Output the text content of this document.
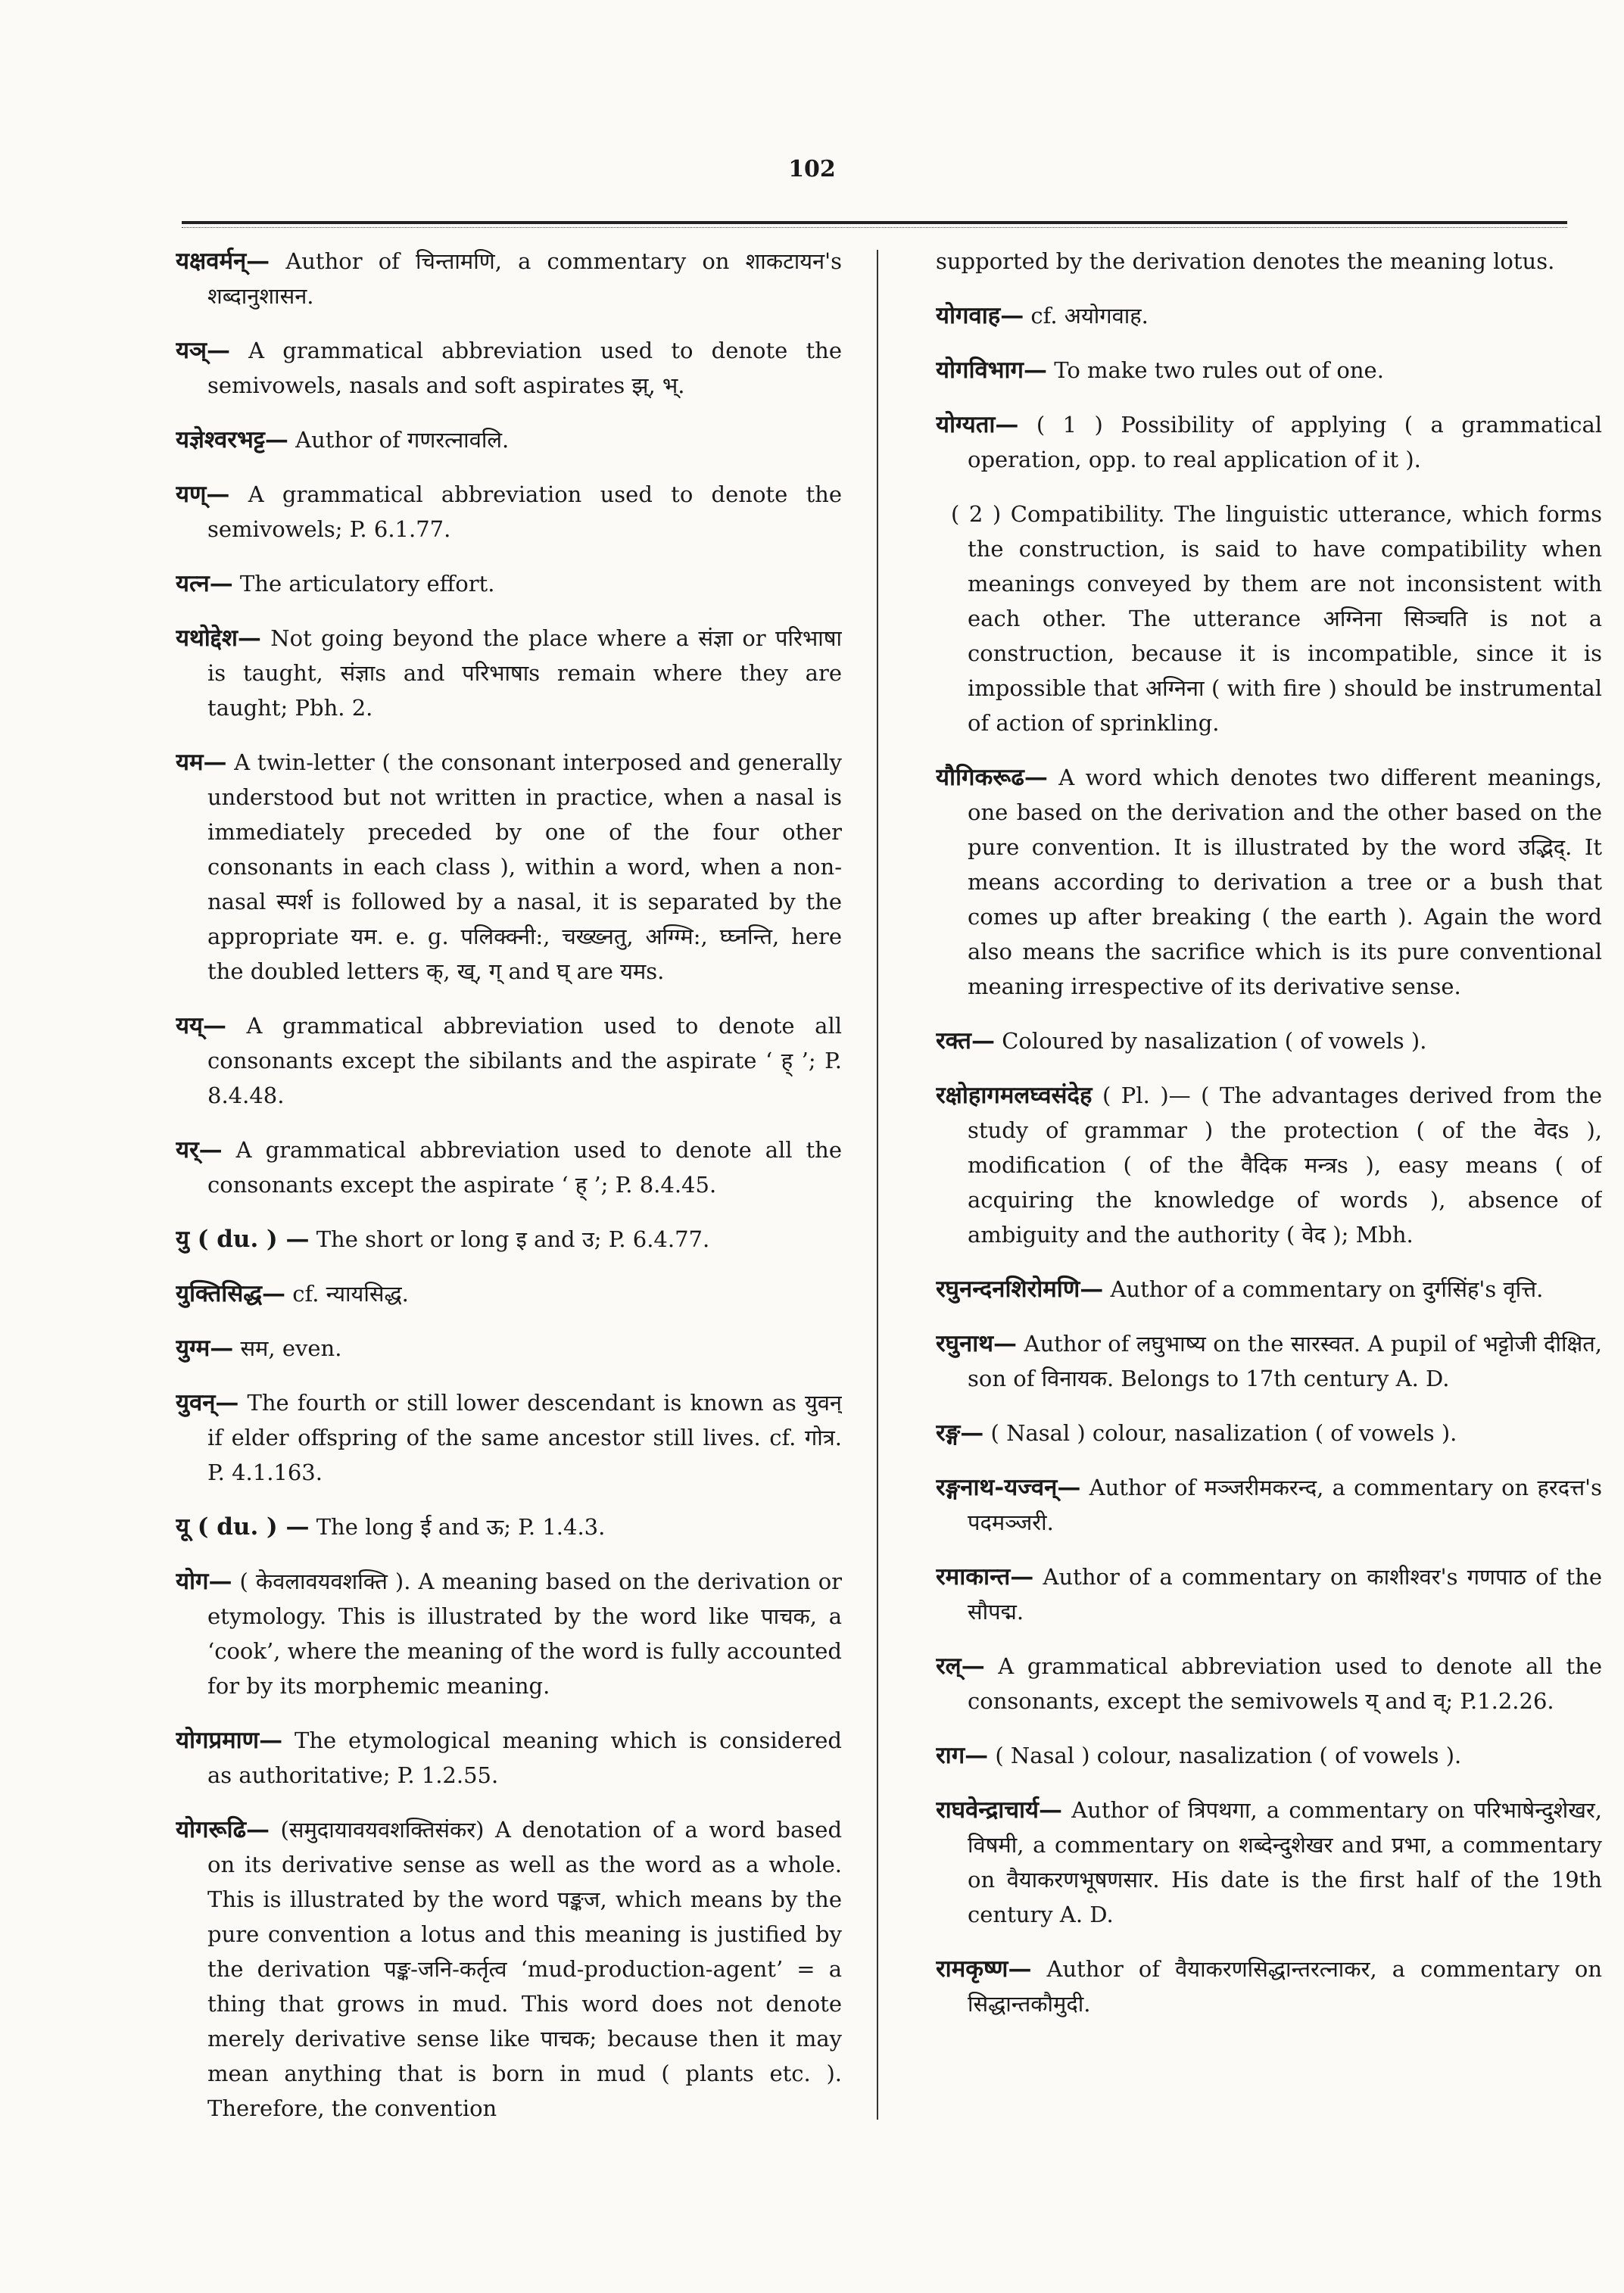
102

यक्षवर्मन्— Author of चिन्तामणि, a commentary on शाकटायन's शब्दानुशासन.

यञ्— A grammatical abbreviation used to denote the semivowels, nasals and soft aspirates झ्, भ्.

यज्ञेश्वरभट्ट— Author of गणरत्नावलि.

यण्— A grammatical abbreviation used to denote the semivowels; P. 6.1.77.

यत्न— The articulatory effort.

यथोद्देश— Not going beyond the place where a संज्ञा or परिभाषा is taught, संज्ञाs and परिभाषाs remain where they are taught; Pbh. 2.

यम— A twin-letter ( the consonant interposed and generally understood but not written in practice, when a nasal is immediately preceded by one of the four other consonants in each class ), within a word, when a non-nasal स्पर्श is followed by a nasal, it is separated by the appropriate यम. e. g. पलिक्क्नी:, चख्ख्नतु, अग्ग्मि:, घ्घ्नन्ति, here the doubled letters क्, ख्, ग् and घ् are यमs.

यय्— A grammatical abbreviation used to denote all consonants except the sibilants and the aspirate ‘ ह् ’; P. 8.4.48.

यर्— A grammatical abbreviation used to denote all the consonants except the aspirate ‘ ह् ’; P. 8.4.45.

यु ( du. ) — The short or long इ and उ; P. 6.4.77.

युक्तिसिद्ध— cf. न्यायसिद्ध.

युग्म— सम, even.

युवन्— The fourth or still lower descendant is known as युवन् if elder offspring of the same ancestor still lives. cf. गोत्र. P. 4.1.163.

यू ( du. ) — The long ई and ऊ; P. 1.4.3.

योग— ( केवलावयवशक्ति ). A meaning based on the derivation or etymology. This is illustrated by the word like पाचक, a ‘cook’, where the meaning of the word is fully accounted for by its morphemic meaning.

योगप्रमाण— The etymological meaning which is considered as authoritative; P. 1.2.55.

योगरूढि— (समुदायावयवशक्तिसंकर) A denotation of a word based on its derivative sense as well as the word as a whole. This is illustrated by the word पङ्कज, which means by the pure convention a lotus and this meaning is justified by the derivation पङ्क-जनि-कर्तृत्व ‘mud-production-agent’ = a thing that grows in mud. This word does not denote merely derivative sense like पाचक; because then it may mean anything that is born in mud ( plants etc. ). Therefore, the convention

supported by the derivation denotes the meaning lotus.

योगवाह— cf. अयोगवाह.

योगविभाग— To make two rules out of one.

योग्यता— ( 1 ) Possibility of applying ( a grammatical operation, opp. to real application of it ).

( 2 ) Compatibility. The linguistic utterance, which forms the construction, is said to have compatibility when meanings conveyed by them are not inconsistent with each other. The utterance अग्निना सिञ्चति is not a construction, because it is incompatible, since it is impossible that अग्निना ( with fire ) should be instrumental of action of sprinkling.

यौगिकरूढ— A word which denotes two different meanings, one based on the derivation and the other based on the pure convention. It is illustrated by the word उद्भिद्. It means according to derivation a tree or a bush that comes up after breaking ( the earth ). Again the word also means the sacrifice which is its pure conventional meaning irrespective of its derivative sense.

रक्त— Coloured by nasalization ( of vowels ).

रक्षोहागमलघ्वसंदेह ( Pl. )— ( The advantages derived from the study of grammar ) the protection ( of the वेदs ), modification ( of the वैदिक मन्त्रs ), easy means ( of acquiring the knowledge of words ), absence of ambiguity and the authority ( वेद ); Mbh.

रघुनन्दनशिरोमणि— Author of a commentary on दुर्गसिंह's वृत्ति.

रघुनाथ— Author of लघुभाष्य on the सारस्वत. A pupil of भट्टोजी दीक्षित, son of विनायक. Belongs to 17th century A. D.

रङ्ग— ( Nasal ) colour, nasalization ( of vowels ).

रङ्गनाथ-यज्वन्— Author of मञ्जरीमकरन्द, a commentary on हरदत्त's पदमञ्जरी.

रमाकान्त— Author of a commentary on काशीश्वर's गणपाठ of the सौपद्म.

रल्— A grammatical abbreviation used to denote all the consonants, except the semivowels य् and व्; P.1.2.26.

राग— ( Nasal ) colour, nasalization ( of vowels ).

राघवेन्द्राचार्य— Author of त्रिपथगा, a commentary on परिभाषेन्दुशेखर, विषमी, a commentary on शब्देन्दुशेखर and प्रभा, a commentary on वैयाकरणभूषणसार. His date is the first half of the 19th century A. D.

रामकृष्ण— Author of वैयाकरणसिद्धान्तरत्नाकर, a commentary on सिद्धान्तकौमुदी.
